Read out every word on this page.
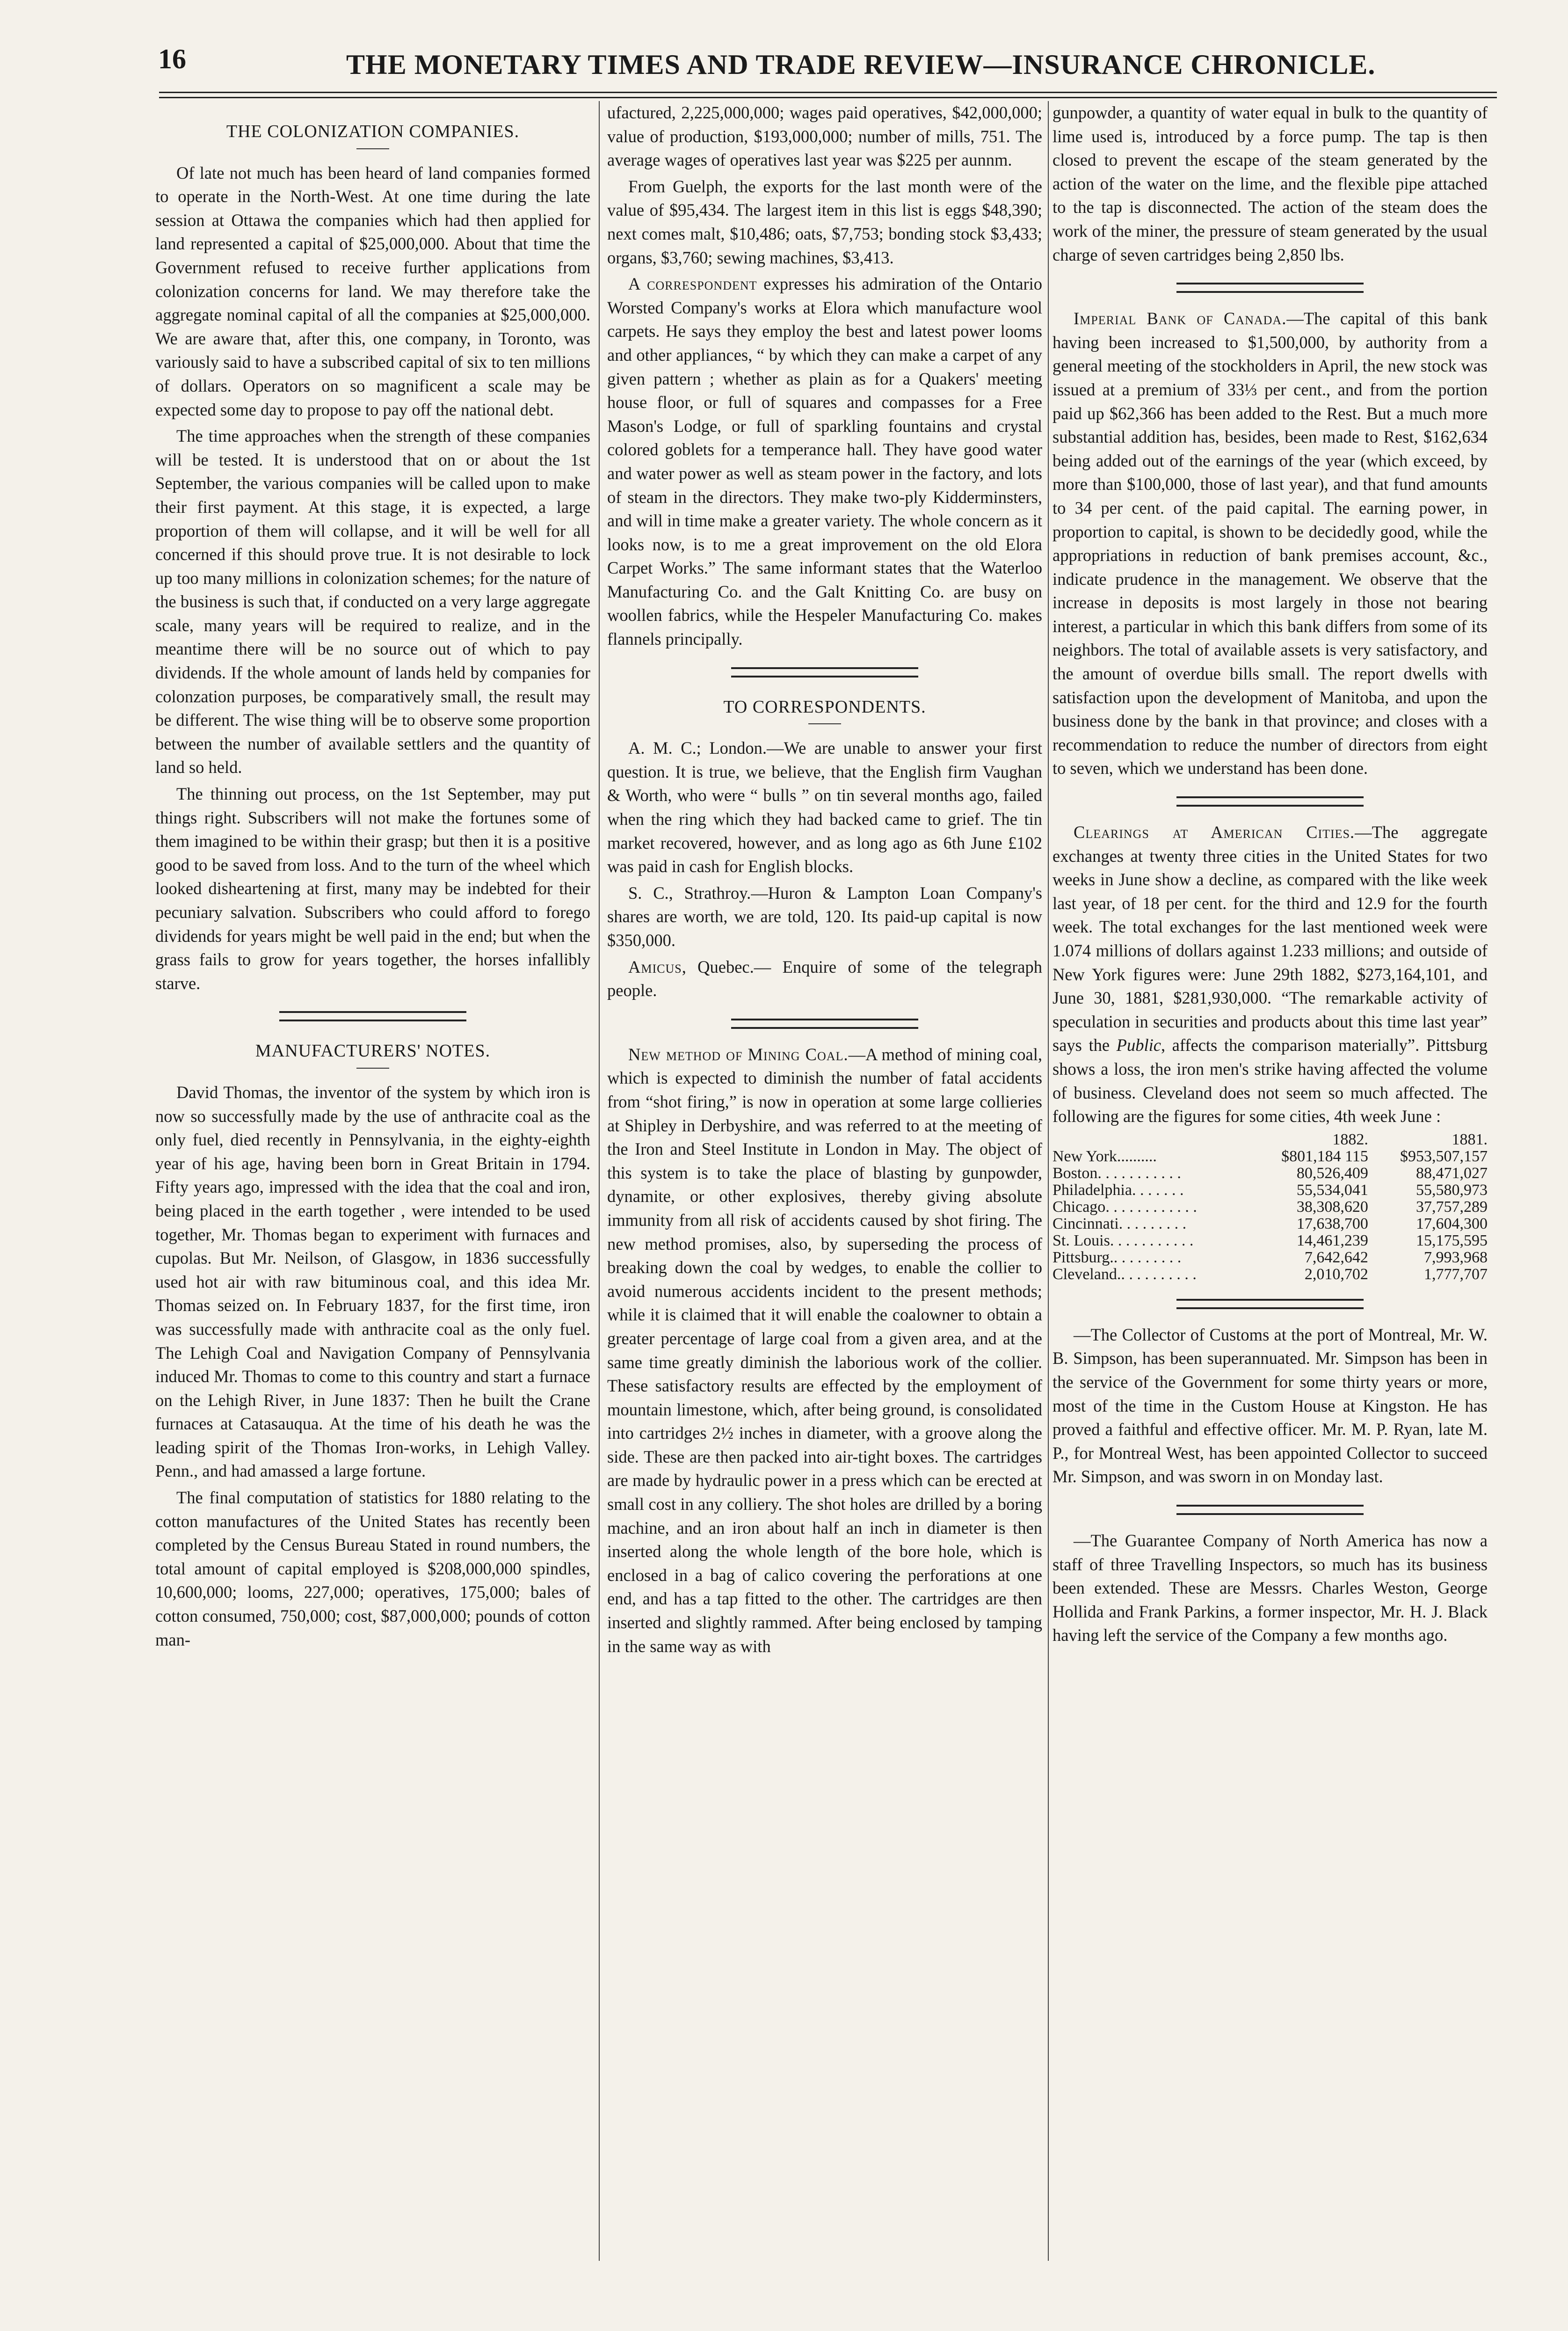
16	THE MONETARY TIMES AND TRADE REVIEW—INSURANCE CHRONICLE.
THE COLONIZATION COMPANIES.

Of late not much has been heard of land companies formed to operate in the North-West. At one time during the late session at Ottawa the companies which had then applied for land represented a capital of $25,000,000. About that time the Government refused to receive further applications from colonization concerns for land. We may therefore take the aggregate nominal capital of all the companies at $25,000,000. We are aware that, after this, one company, in Toronto, was variously said to have a subscribed capital of six to ten millions of dollars. Operators on so magnificent a scale may be expected some day to propose to pay off the national debt.

The time approaches when the strength of these companies will be tested. It is understood that on or about the 1st September, the various companies will be called upon to make their first payment. At this stage, it is expected, a large proportion of them will collapse, and it will be well for all concerned if this should prove true. It is not desirable to lock up too many millions in colonization schemes; for the nature of the business is such that, if conducted on a very large aggregate scale, many years will be required to realize, and in the meantime there will be no source out of which to pay dividends. If the whole amount of lands held by companies for colonzation purposes, be comparatively small, the result may be different. The wise thing will be to observe some proportion between the number of available settlers and the quantity of land so held.

The thinning out process, on the 1st September, may put things right. Subscribers will not make the fortunes some of them imagined to be within their grasp; but then it is a positive good to be saved from loss. And to the turn of the wheel which looked disheartening at first, many may be indebted for their pecuniary salvation. Subscribers who could afford to forego dividends for years might be well paid in the end; but when the grass fails to grow for years together, the horses infallibly starve.

MANUFACTURERS' NOTES.

David Thomas, the inventor of the system by which iron is now so successfully made by the use of anthracite coal as the only fuel, died recently in Pennsylvania, in the eighty-eighth year of his age, having been born in Great Britain in 1794. Fifty years ago, impressed with the idea that the coal and iron, being placed in the earth together , were intended to be used together, Mr. Thomas began to experiment with furnaces and cupolas. But Mr. Neilson, of Glasgow, in 1836 successfully used hot air with raw bituminous coal, and this idea Mr. Thomas seized on. In February 1837, for the first time, iron was successfully made with anthracite coal as the only fuel. The Lehigh Coal and Navigation Company of Pennsylvania induced Mr. Thomas to come to this country and start a furnace on the Lehigh River, in June 1837: Then he built the Crane furnaces at Catasauqua. At the time of his death he was the leading spirit of the Thomas Iron-works, in Lehigh Valley. Penn., and had amassed a large fortune.

The final computation of statistics for 1880 relating to the cotton manufactures of the United States has recently been completed by the Census Bureau Stated in round numbers, the total amount of capital employed is $208,000,000 spindles, 10,600,000; looms, 227,000; operatives, 175,000; bales of cotton consumed, 750,000; cost, $87,000,000; pounds of cotton man-

ufactured, 2,225,000,000; wages paid operatives, $42,000,000; value of production, $193,000,000; number of mills, 751. The average wages of operatives last year was $225 per aunnm.

From Guelph, the exports for the last month were of the value of $95,434. The largest item in this list is eggs $48,390; next comes malt, $10,486; oats, $7,753; bonding stock $3,433; organs, $3,760; sewing machines, $3,413.

A correspondent expresses his admiration of the Ontario Worsted Company's works at Elora which manufacture wool carpets. He says they employ the best and latest power looms and other appliances, “ by which they can make a carpet of any given pattern ; whether as plain as for a Quakers' meeting house floor, or full of squares and compasses for a Free Mason's Lodge, or full of sparkling fountains and crystal colored goblets for a temperance hall. They have good water and water power as well as steam power in the factory, and lots of steam in the directors. They make two-ply Kidderminsters, and will in time make a greater variety. The whole concern as it looks now, is to me a great improvement on the old Elora Carpet Works.” The same informant states that the Waterloo Manufacturing Co. and the Galt Knitting Co. are busy on woollen fabrics, while the Hespeler Manufacturing Co. makes flannels principally.

TO CORRESPONDENTS.

A. M. C.; London.—We are unable to answer your first question. It is true, we believe, that the English firm Vaughan & Worth, who were “ bulls ” on tin several months ago, failed when the ring which they had backed came to grief. The tin market recovered, however, and as long ago as 6th June £102 was paid in cash for English blocks.

S. C., Strathroy.—Huron & Lampton Loan Company's shares are worth, we are told, 120. Its paid-up capital is now $350,000.

Amicus, Quebec.— Enquire of some of the telegraph people.

New method of Mining Coal.—A method of mining coal, which is expected to diminish the number of fatal accidents from “shot firing,” is now in operation at some large collieries at Shipley in Derbyshire, and was referred to at the meeting of the Iron and Steel Institute in London in May. The object of this system is to take the place of blasting by gunpowder, dynamite, or other explosives, thereby giving absolute immunity from all risk of accidents caused by shot firing. The new method promises, also, by superseding the process of breaking down the coal by wedges, to enable the collier to avoid numerous accidents incident to the present methods; while it is claimed that it will enable the coalowner to obtain a greater percentage of large coal from a given area, and at the same time greatly diminish the laborious work of the collier. These satisfactory results are effected by the employment of mountain limestone, which, after being ground, is consolidated into cartridges 2½ inches in diameter, with a groove along the side. These are then packed into air-tight boxes. The cartridges are made by hydraulic power in a press which can be erected at small cost in any colliery. The shot holes are drilled by a boring machine, and an iron about half an inch in diameter is then inserted along the whole length of the bore hole, which is enclosed in a bag of calico covering the perforations at one end, and has a tap fitted to the other. The cartridges are then inserted and slightly rammed. After being enclosed by tamping in the same way as with

gunpowder, a quantity of water equal in bulk to the quantity of lime used is, introduced by a force pump. The tap is then closed to prevent the escape of the steam generated by the action of the water on the lime, and the flexible pipe attached to the tap is disconnected. The action of the steam does the work of the miner, the pressure of steam generated by the usual charge of seven cartridges being 2,850 lbs.

Imperial Bank of Canada.—The capital of this bank having been increased to $1,500,000, by authority from a general meeting of the stockholders in April, the new stock was issued at a premium of 33⅓ per cent., and from the portion paid up $62,366 has been added to the Rest. But a much more substantial addition has, besides, been made to Rest, $162,634 being added out of the earnings of the year (which exceed, by more than $100,000, those of last year), and that fund amounts to 34 per cent. of the paid capital. The earning power, in proportion to capital, is shown to be decidedly good, while the appropriations in reduction of bank premises account, &c., indicate prudence in the management. We observe that the increase in deposits is most largely in those not bearing interest, a particular in which this bank differs from some of its neighbors. The total of available assets is very satisfactory, and the amount of overdue bills small. The report dwells with satisfaction upon the development of Manitoba, and upon the business done by the bank in that province; and closes with a recommendation to reduce the number of directors from eight to seven, which we understand has been done.

Clearings at American Cities.—The aggregate exchanges at twenty three cities in the United States for two weeks in June show a decline, as compared with the like week last year, of 18 per cent. for the third and 12.9 for the fourth week. The total exchanges for the last mentioned week were 1.074 millions of dollars against 1.233 millions; and outside of New York figures were: June 29th 1882, $273,164,101, and June 30, 1881, $281,930,000. “The remarkable activity of speculation in securities and products about this time last year” says the Public, affects the comparison materially”. Pittsburg shows a loss, the iron men's strike having affected the volume of business. Cleveland does not seem so much affected. The following are the figures for some cities, 4th week June :

	1882.	1881.
New York..........	$801,184 115	$953,507,157
Boston. . . . . . . . . . .	80,526,409	88,471,027
Philadelphia. . . . . . .	55,534,041	55,580,973
Chicago. . . . . . . . . . . .	38,308,620	37,757,289
Cincinnati. . . . . . . . .	17,638,700	17,604,300
St. Louis. . . . . . . . . . .	14,461,239	15,175,595
Pittsburg.. . . . . . . . .	7,642,642	7,993,968
Cleveland.. . . . . . . . . .	2,010,702	1,777,707

—The Collector of Customs at the port of Montreal, Mr. W. B. Simpson, has been superannuated. Mr. Simpson has been in the service of the Government for some thirty years or more, most of the time in the Custom House at Kingston. He has proved a faithful and effective officer. Mr. M. P. Ryan, late M. P., for Montreal West, has been appointed Collector to succeed Mr. Simpson, and was sworn in on Monday last.

—The Guarantee Company of North America has now a staff of three Travelling Inspectors, so much has its business been extended. These are Messrs. Charles Weston, George Hollida and Frank Parkins, a former inspector, Mr. H. J. Black having left the service of the Company a few months ago.
